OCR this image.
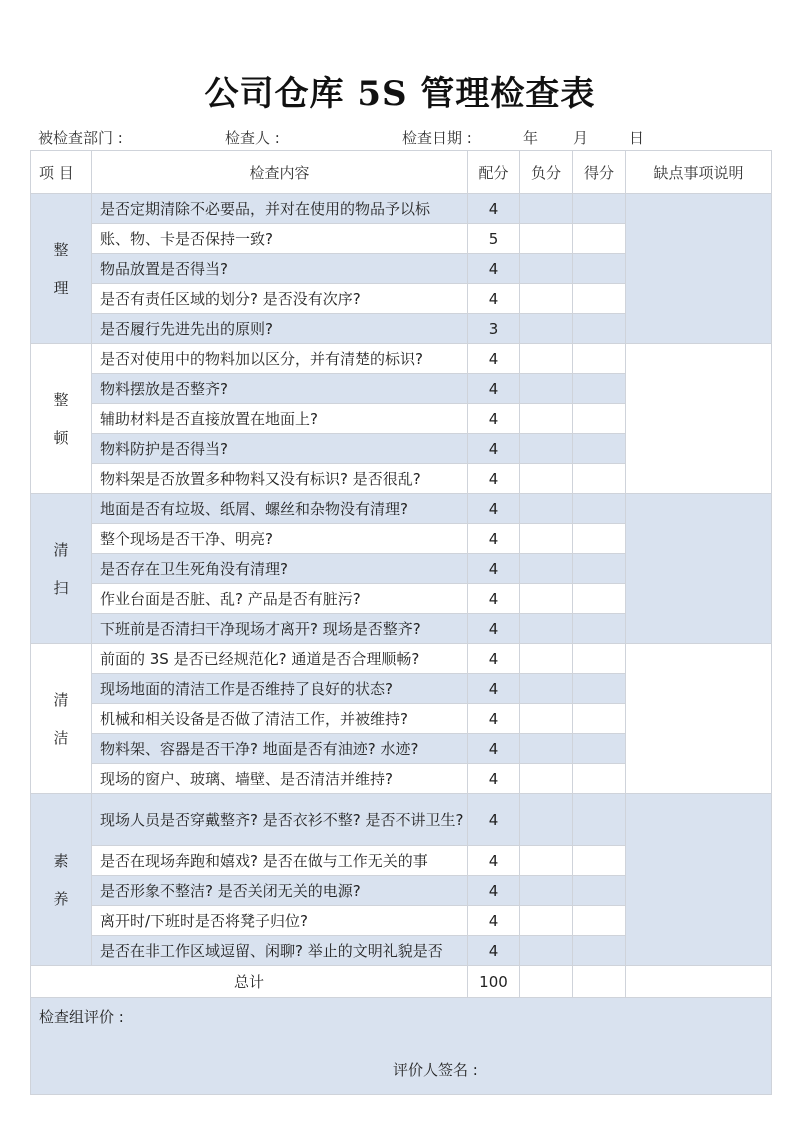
公司仓库 5S 管理检查表
被检查部门 :	检查人 :	检查日期 :	年 月	日
项 目	检查内容	配分	负分	得分	缺点事项说明

整
理	是否定期清除不必要品，并对在使用的物品予以标	4			
	账、物、卡是否保持一致?	5			
	物品放置是否得当?	4			
	是否有责任区域的划分? 是否没有次序?	4			
	是否履行先进先出的原则?	3			

整
顿	是否对使用中的物料加以区分，并有清楚的标识?	4			
	物料摆放是否整齐?	4			
	辅助材料是否直接放置在地面上?	4			
	物料防护是否得当?	4			
	物料架是否放置多种物料又没有标识? 是否很乱?	4			

清
扫	地面是否有垃圾、纸屑、螺丝和杂物没有清理?	4			
	整个现场是否干净、明亮?	4			
	是否存在卫生死角没有清理?	4			
	作业台面是否脏、乱? 产品是否有脏污?	4			
	下班前是否清扫干净现场才离开? 现场是否整齐?	4			

清
洁	前面的 3S 是否已经规范化? 通道是否合理顺畅?	4			
	现场地面的清洁工作是否维持了良好的状态?	4			
	机械和相关设备是否做了清洁工作，并被维持?	4			
	物料架、容器是否干净? 地面是否有油迹? 水迹?	4			
	现场的窗户、玻璃、墙壁、是否清洁并维持?	4			

素
养	现场人员是否穿戴整齐? 是否衣衫不整? 是否不讲卫生?	4			
	是否在现场奔跑和嬉戏? 是否在做与工作无关的事	4			
	是否形象不整洁? 是否关闭无关的电源?	4			
	离开时/下班时是否将凳子归位?	4			
	是否在非工作区域逗留、闲聊? 举止的文明礼貌是否	4			
总计		100			

检查组评价 :
评价人签名 :					
